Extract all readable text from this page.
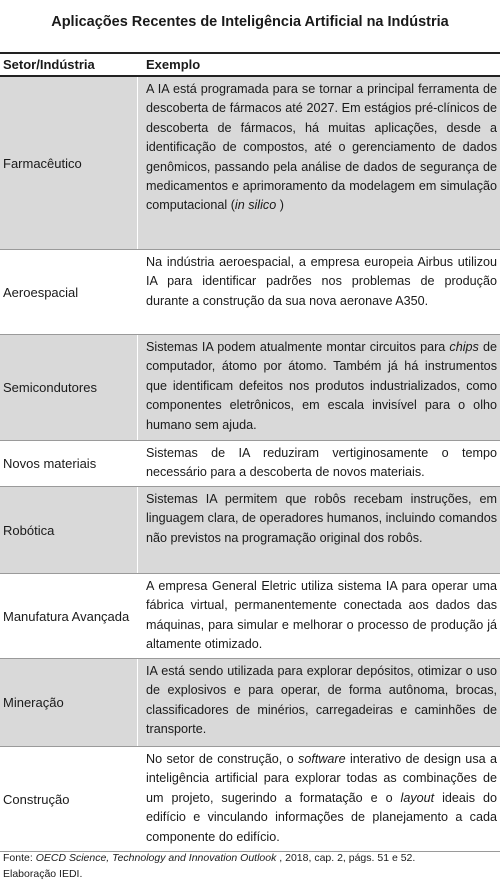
Aplicações Recentes de Inteligência Artificial na Indústria
Setor/Indústria	Exemplo
Farmacêutico
A IA está programada para se tornar a principal ferramenta de descoberta de fármacos até 2027. Em estágios pré-clínicos de descoberta de fármacos, há muitas aplicações, desde a identificação de compostos, até o gerenciamento de dados genômicos, passando pela análise de dados de segurança de medicamentos e aprimoramento da modelagem em simulação computacional (in silico )
Aeroespacial
Na indústria aeroespacial, a empresa europeia Airbus utilizou IA para identificar padrões nos problemas de produção durante a construção da sua nova aeronave A350.
Semicondutores
Sistemas IA podem atualmente montar circuitos para chips de computador, átomo por átomo. Também já há instrumentos que identificam defeitos nos produtos industrializados, como componentes eletrônicos, em escala invisível para o olho humano sem ajuda.
Novos materiais
Sistemas de IA reduziram vertiginosamente o tempo necessário para a descoberta de novos materiais.
Robótica
Sistemas IA permitem que robôs recebam instruções, em linguagem clara, de operadores humanos, incluindo comandos não previstos na programação original dos robôs.
Manufatura Avançada
A empresa General Eletric utiliza sistema IA para operar uma fábrica virtual, permanentemente conectada aos dados das máquinas, para simular e melhorar o processo de produção já altamente otimizado.
Mineração
IA está sendo utilizada para explorar depósitos, otimizar o uso de explosivos e para operar, de forma autônoma, brocas, classificadores de minérios, carregadeiras e caminhões de transporte.
Construção
No setor de construção, o software interativo de design usa a inteligência artificial para explorar todas as combinações de um projeto, sugerindo a formatação e o layout ideais do edifício e vinculando informações de planejamento a cada componente do edifício.
Fonte: OECD Science, Technology and Innovation Outlook , 2018, cap. 2, págs. 51 e 52.
Elaboração IEDI.
